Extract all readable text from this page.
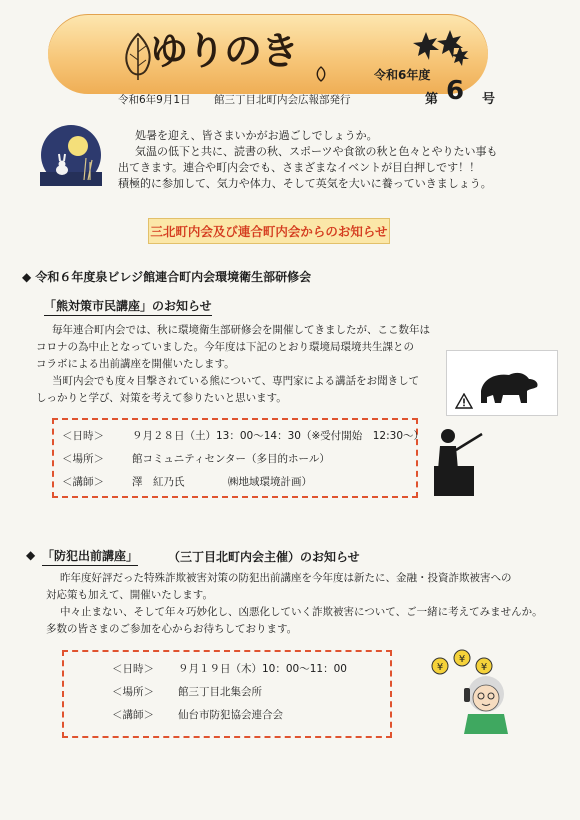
ゆりのき
令和6年度
第 6 号
令和6年9月1日 館三丁目北町内会広報部発行
処暑を迎え、皆さまいかがお過ごしでしょうか。
気温の低下と共に、読書の秋、スポーツや食欲の秋と色々とやりたい事も
出てきます。連合や町内会でも、さまざまなイベントが目白押しです！！
積極的に参加して、気力や体力、そして英気を大いに養っていきましょう。
三北町内会及び連合町内会からのお知らせ
◆ 令和６年度泉ビレジ館連合町内会環境衛生部研修会
「熊対策市民講座」のお知らせ
毎年連合町内会では、秋に環境衛生部研修会を開催してきましたが、ここ数年は
コロナの為中止となっていました。今年度は下記のとおり環境局環境共生課との
コラボによる出前講座を開催いたします。
当町内会でも度々目撃されている熊について、専門家による講話をお聞きして
しっかりと学び、対策を考えて参りたいと思います。
＜日時＞	９月２８日（土）13：00～14：30（※受付開始　12:30～）
＜場所＞	館コミュニティセンター（多目的ホール）
＜講師＞	澤　紅乃氏	㈱地域環境計画）
◆ 「防犯出前講座」 （三丁目北町内会主催）のお知らせ
昨年度好評だった特殊詐欺被害対策の防犯出前講座を今年度は新たに、金融・投資詐欺被害への
対応策も加えて、開催いたします。
中々止まない、そして年々巧妙化し、凶悪化していく詐欺被害について、ご一緒に考えてみませんか。
多数の皆さまのご参加を心からお待ちしております。
＜日時＞ ９月１９日（木）10：00～11：00
＜場所＞ 館三丁目北集会所
＜講師＞ 仙台市防犯協会連合会
¥
¥
¥
